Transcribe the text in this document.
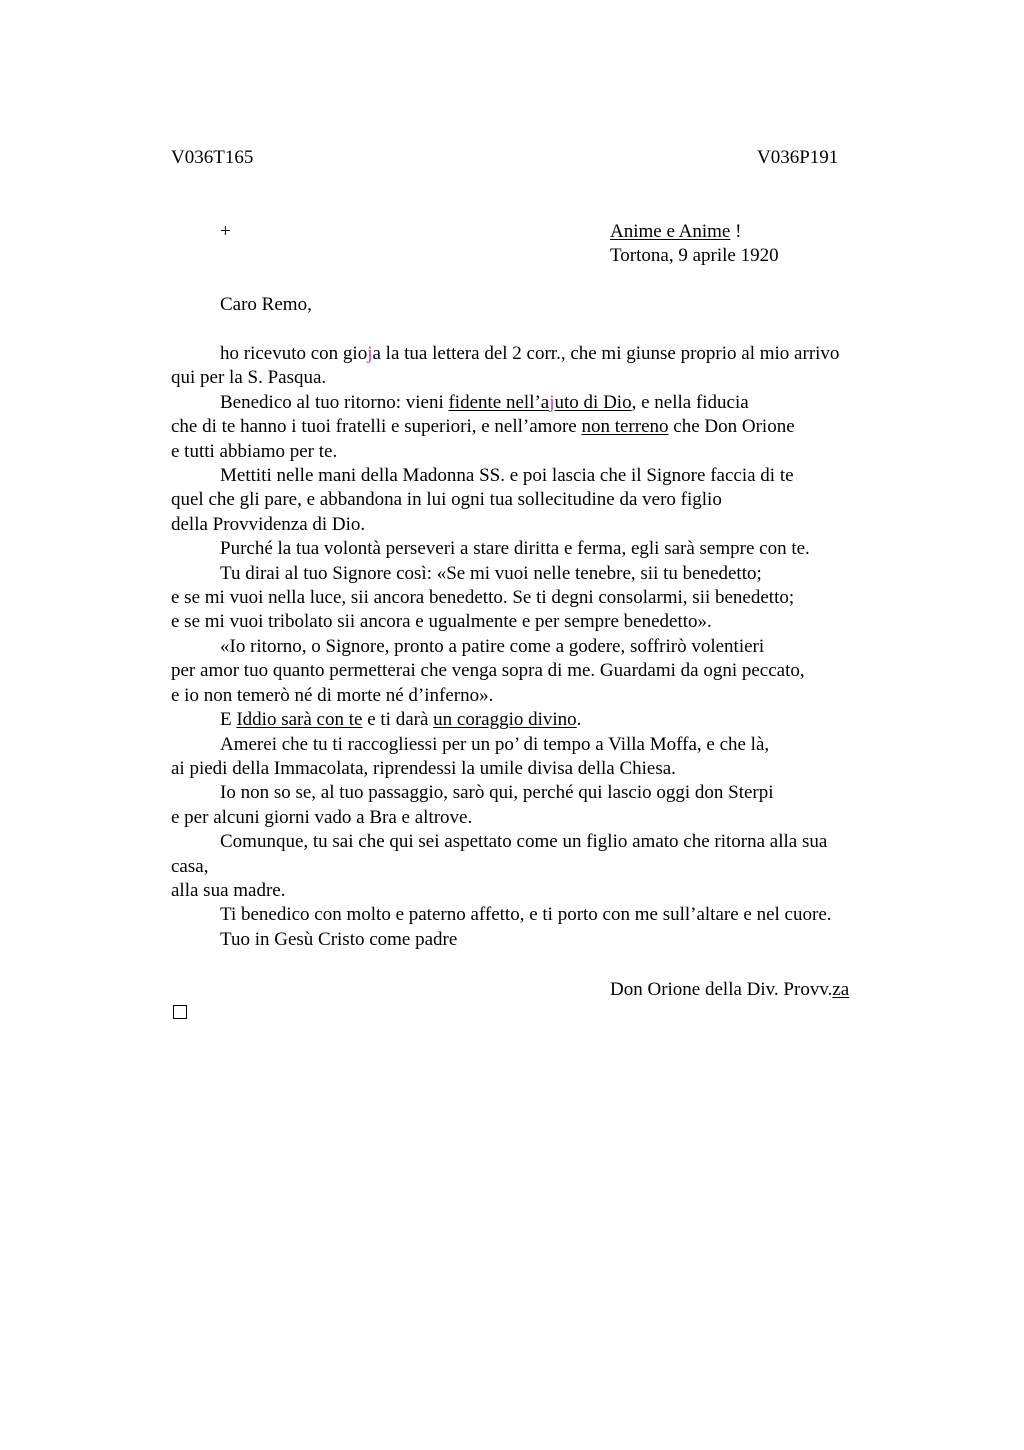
V036T165	V036P191
+	Anime e Anime !
Tortona, 9 aprile 1920
Caro Remo,
ho ricevuto con gioja la tua lettera del 2 corr., che mi giunse proprio al mio arrivo
qui per la S. Pasqua.
Benedico al tuo ritorno: vieni fidente nell’ajuto di Dio, e nella fiducia
che di te hanno i tuoi fratelli e superiori, e nell’amore non terreno che Don Orione
e tutti abbiamo per te.
Mettiti nelle mani della Madonna SS. e poi lascia che il Signore faccia di te
quel che gli pare, e abbandona in lui ogni tua sollecitudine da vero figlio
della Provvidenza di Dio.
Purché la tua volontà perseveri a stare diritta e ferma, egli sarà sempre con te.
Tu dirai al tuo Signore così: «Se mi vuoi nelle tenebre, sii tu benedetto;
e se mi vuoi nella luce, sii ancora benedetto. Se ti degni consolarmi, sii benedetto;
e se mi vuoi tribolato sii ancora e ugualmente e per sempre benedetto».
«Io ritorno, o Signore, pronto a patire come a godere, soffrirò volentieri
per amor tuo quanto permetterai che venga sopra di me. Guardami da ogni peccato,
e io non temerò né di morte né d’inferno».
E Iddio sarà con te e ti darà un coraggio divino.
Amerei che tu ti raccogliessi per un po’ di tempo a Villa Moffa, e che là,
ai piedi della Immacolata, riprendessi la umile divisa della Chiesa.
Io non so se, al tuo passaggio, sarò qui, perché qui lascio oggi don Sterpi
e per alcuni giorni vado a Bra e altrove.
Comunque, tu sai che qui sei aspettato come un figlio amato che ritorna alla sua
casa,
alla sua madre.
Ti benedico con molto e paterno affetto, e ti porto con me sull’altare e nel cuore.
Tuo in Gesù Cristo come padre
Don Orione della Div. Provv.za
